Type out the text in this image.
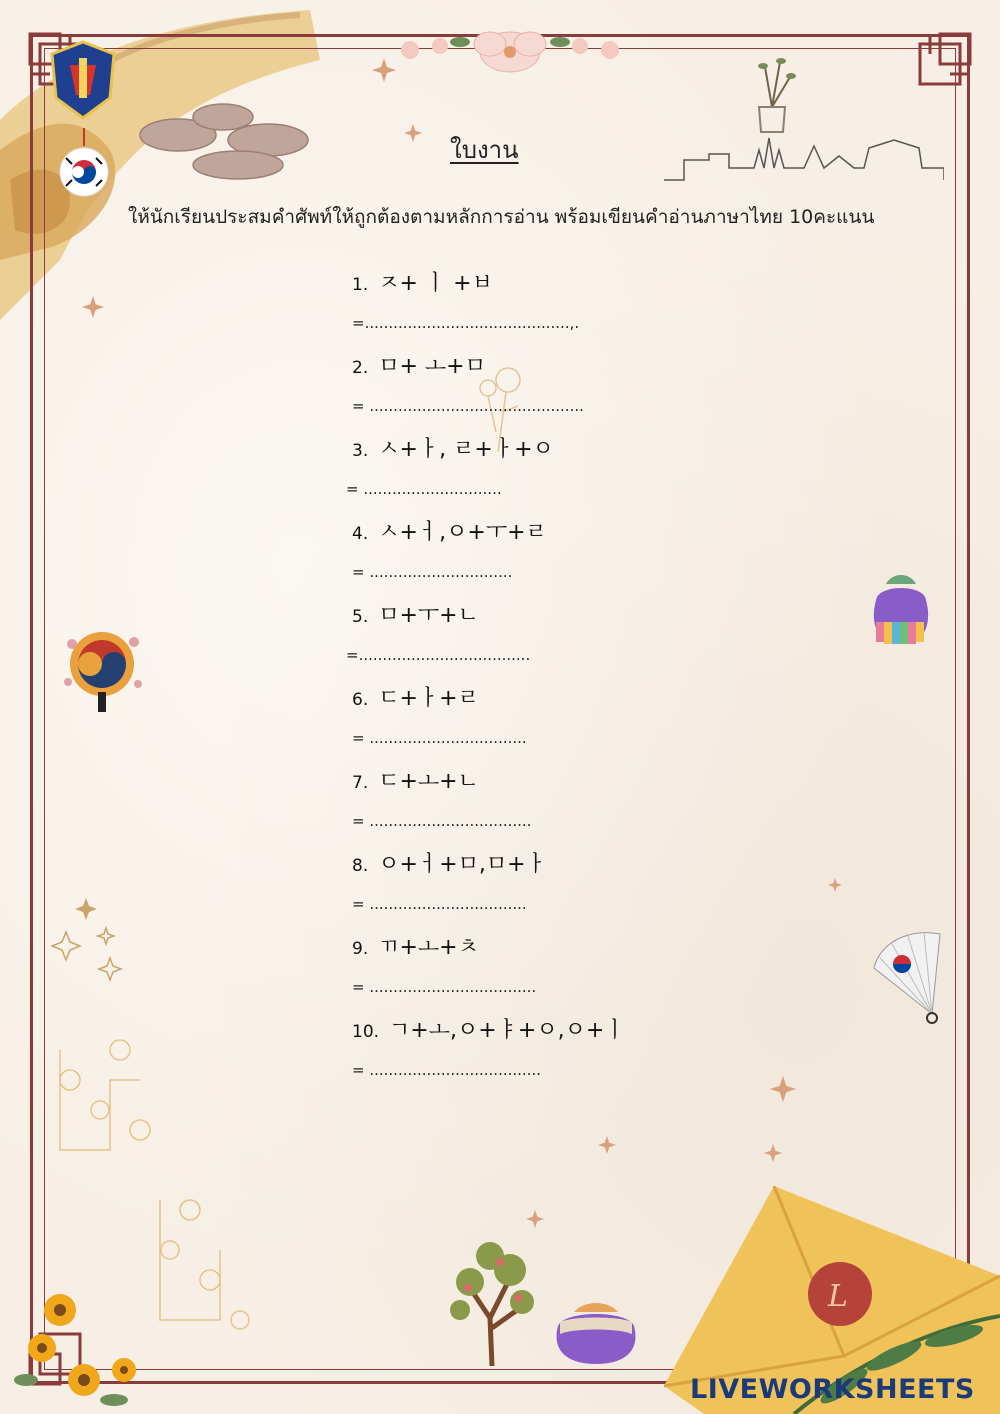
L
ใบงาน
ให้นักเรียนประสมคำศัพท์ให้ถูกต้องตามหลักการอ่าน พร้อมเขียนคำอ่านภาษาไทย 10คะแนน
1. ㅈ+ ㅣ +ㅂ
=...........................................,.
2. ㅁ+ ㅗ+ㅁ
= .............................................
3. ㅅ+ㅏ, ㄹ+ㅏ+ㅇ
= .............................
4. ㅅ+ㅓ,ㅇ+ㅜ+ㄹ
= ..............................
5. ㅁ+ㅜ+ㄴ
=....................................
6. ㄷ+ㅏ+ㄹ
= .................................
7. ㄷ+ㅗ+ㄴ
= ..................................
8. ㅇ+ㅓ+ㅁ,ㅁ+ㅏ
= .................................
9. ㄲ+ㅗ+ㅊ
= ...................................
10. ㄱ+ㅗ,ㅇ+ㅑ+ㅇ,ㅇ+ㅣ
= ....................................
LIVEWORKSHEETS
